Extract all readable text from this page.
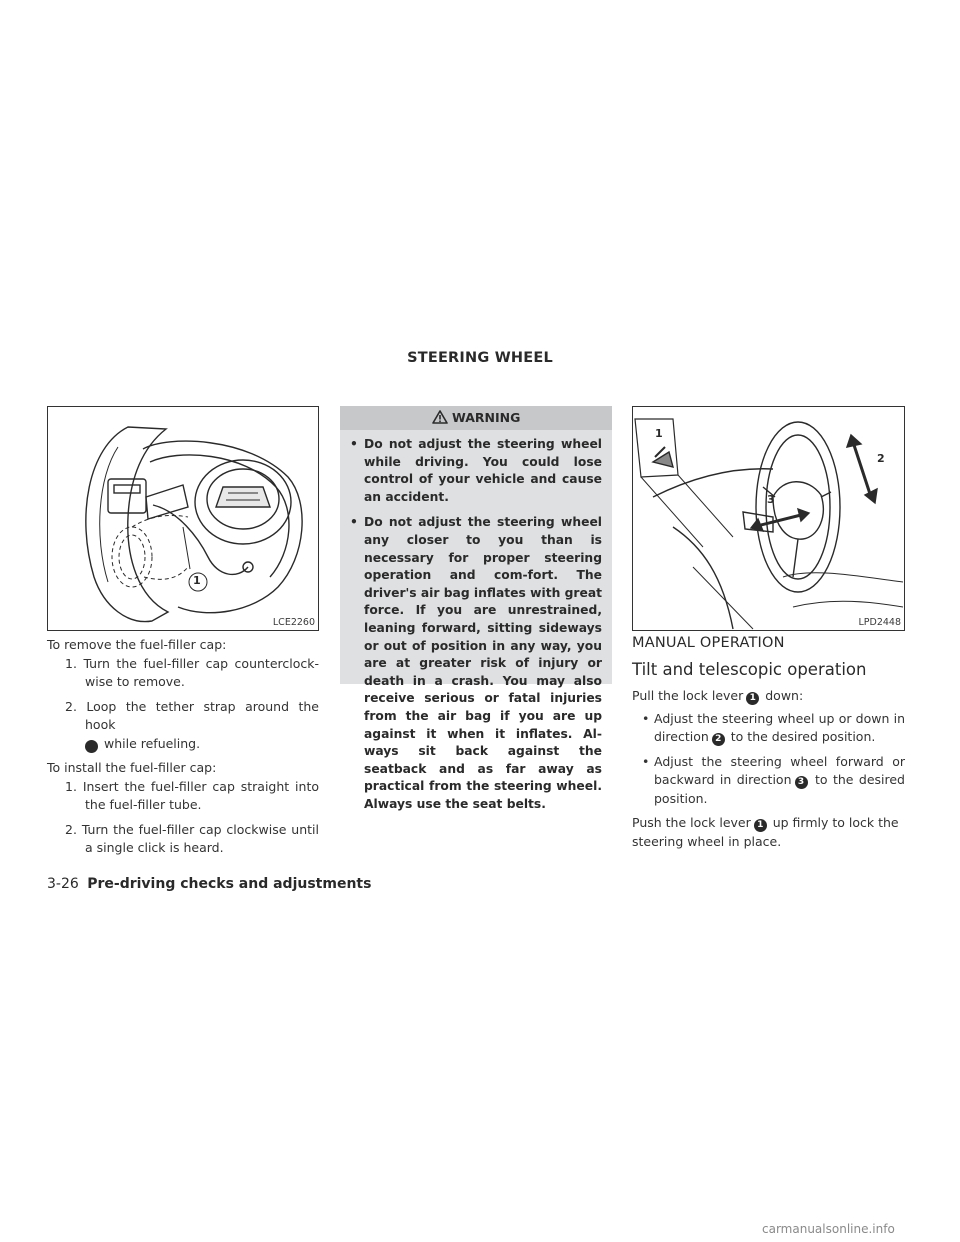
STEERING WHEEL
1
LCE2260

To remove the fuel-filler cap:

1. Turn the fuel-filler cap counterclock-wise to remove.

2. Loop the tether strap around the hook
1 while refueling.

To install the fuel-filler cap:

1. Insert the fuel-filler cap straight into the fuel-filler tube.

2. Turn the fuel-filler cap clockwise until a single click is heard.

WARNING
• Do not adjust the steering wheel while driving. You could lose control of your vehicle and cause an accident.
• Do not adjust the steering wheel any closer to you than is necessary for proper steering operation and com-fort. The driver's air bag inflates with great force. If you are unrestrained, leaning forward, sitting sideways or out of position in any way, you are at greater risk of injury or death in a crash. You may also receive serious or fatal injuries from the air bag if you are up against it when it inflates. Al-ways sit back against the seatback and as far away as practical from the steering wheel. Always use the seat belts.
1
2
3
LPD2448
MANUAL OPERATION
Tilt and telescopic operation

Pull the lock lever 1 down:

• Adjust the steering wheel up or down in direction 2 to the desired position.

• Adjust the steering wheel forward or backward in direction 3 to the desired position.

Push the lock lever 1 up firmly to lock the steering wheel in place.

3-26 Pre-driving checks and adjustments
carmanualsonline.info
